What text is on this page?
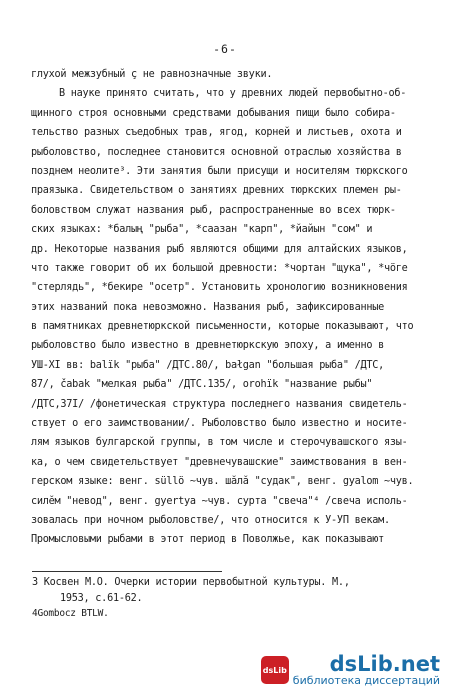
-6-
глухой межзубный ç не равнозначные звуки.
В науке принято считать, что у древних людей первобытно-об-
щинного строя основными средствами добывания пищи было собира-
тельство разных съедобных трав, ягод, корней и листьев, охота и
рыболовство, последнее становится основной отраслью хозяйства в
позднем неолите³. Эти занятия были присущи и носителям тюркского
праязыка. Свидетельством о занятиях древних тюркских племен ры-
боловством служат названия рыб, распространенные во всех тюрк-
ских языках: *балың "рыба", *саазан "карп", *йайын "сом" и
др. Некоторые названия рыб являются общими для алтайских языков,
что также говорит об их большой древности: *чортан "щука", *чöге
"стерлядь", *бекире "осетр". Установить хронологию возникновения
этих названий пока невозможно. Названия рыб, зафиксированные
в памятниках древнетюркской письменности, которые показывают, что
рыболовство было известно в древнетюркскую эпоху, а именно в
УШ-XI вв: balïk "рыба" /ДТС.80/, bałgan "большая рыба" /ДТС,
87/, čabak "мелкая рыба" /ДТС.135/, orohïk "название рыбы"
/ДТС,37І/ /фонетическая структура последнего названия свидетель-
ствует о его заимствовании/. Рыболовство было известно и носите-
лям языков булгарской группы, в том числе и стерочувашского язы-
ка, о чем свидетельствует "древнечувашские" заимствования в вен-
герском языке: венг. süllö ~чув. шăлă "судак", венг. gyalom ~чув.
силĕм "невод", венг. gyertya ~чув. сурта "свеча"⁴ /свеча исполь-
зовалась при ночном рыболовстве/, что относится к У-УП векам.
Промысловыми рыбами в этот период в Поволжье, как показывают
3 Косвен М.О. Очерки истории первобытной культуры. М.,
1953, с.61-62.
4Gombocz BTLW.
dsLib dsLib.net
библиотека диссертаций
